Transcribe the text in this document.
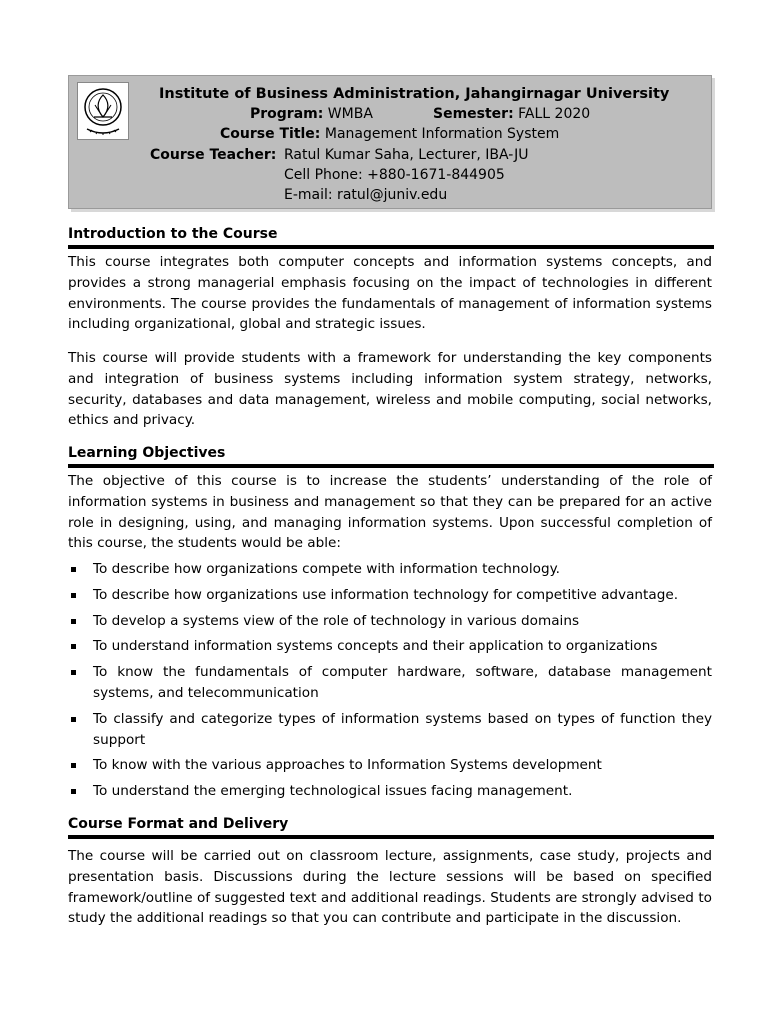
Institute of Business Administration, Jahangirnagar University
Program: WMBA	Semester: FALL 2020
Course Title: Management Information System
Course Teacher: Ratul Kumar Saha, Lecturer, IBA-JU
Cell Phone: +880-1671-844905
E-mail: ratul@juniv.edu
Introduction to the Course
This course integrates both computer concepts and information systems concepts, and provides a strong managerial emphasis focusing on the impact of technologies in different environments. The course provides the fundamentals of management of information systems including organizational, global and strategic issues.
This course will provide students with a framework for understanding the key components and integration of business systems including information system strategy, networks, security, databases and data management, wireless and mobile computing, social networks, ethics and privacy.
Learning Objectives
The objective of this course is to increase the students’ understanding of the role of information systems in business and management so that they can be prepared for an active role in designing, using, and managing information systems. Upon successful completion of this course, the students would be able:
To describe how organizations compete with information technology.
To describe how organizations use information technology for competitive advantage.
To develop a systems view of the role of technology in various domains
To understand information systems concepts and their application to organizations
To know the fundamentals of computer hardware, software, database management systems, and telecommunication
To classify and categorize types of information systems based on types of function they support
To know with the various approaches to Information Systems development
To understand the emerging technological issues facing management.
Course Format and Delivery
The course will be carried out on classroom lecture, assignments, case study, projects and presentation basis. Discussions during the lecture sessions will be based on specified framework/outline of suggested text and additional readings. Students are strongly advised to study the additional readings so that you can contribute and participate in the discussion.
